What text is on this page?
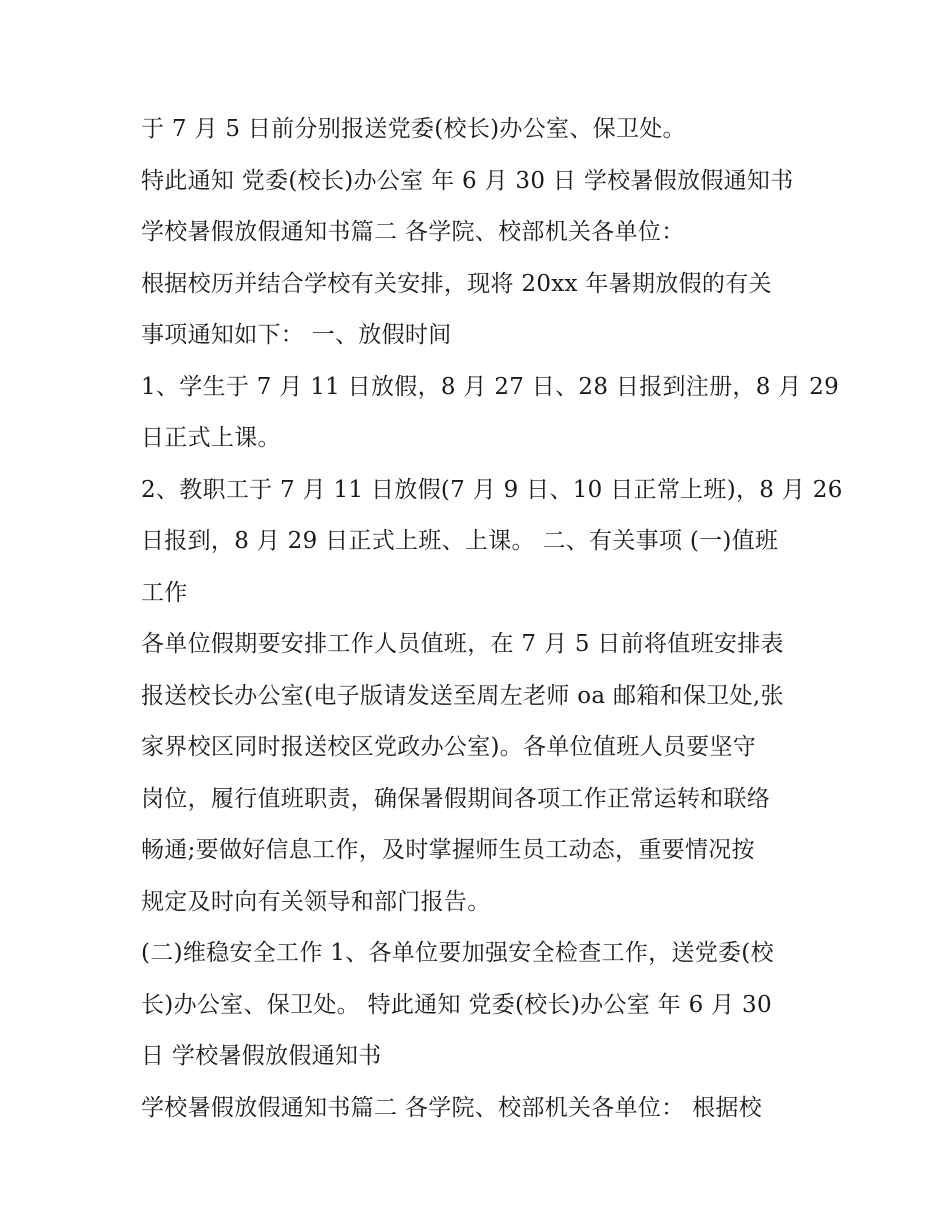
于 7 月 5 日前分别报送党委(校长)办公室、保卫处。

特此通知 党委(校长)办公室 年 6 月 30 日 学校暑假放假通知书

学校暑假放假通知书篇二 各学院、校部机关各单位：

根据校历并结合学校有关安排，现将 20xx 年暑期放假的有关
事项通知如下： 一、放假时间

1、学生于 7 月 11 日放假，8 月 27 日、28 日报到注册，8 月 29
日正式上课。

2、教职工于 7 月 11 日放假(7 月 9 日、10 日正常上班)，8 月 26
日报到，8 月 29 日正式上班、上课。 二、有关事项 (一)值班
工作

各单位假期要安排工作人员值班，在 7 月 5 日前将值班安排表
报送校长办公室(电子版请发送至周左老师 oa 邮箱和保卫处,张
家界校区同时报送校区党政办公室)。各单位值班人员要坚守
岗位，履行值班职责，确保暑假期间各项工作正常运转和联络
畅通;要做好信息工作，及时掌握师生员工动态，重要情况按
规定及时向有关领导和部门报告。

(二)维稳安全工作 1、各单位要加强安全检查工作，送党委(校
长)办公室、保卫处。 特此通知 党委(校长)办公室 年 6 月 30
日 学校暑假放假通知书

学校暑假放假通知书篇二 各学院、校部机关各单位： 根据校
